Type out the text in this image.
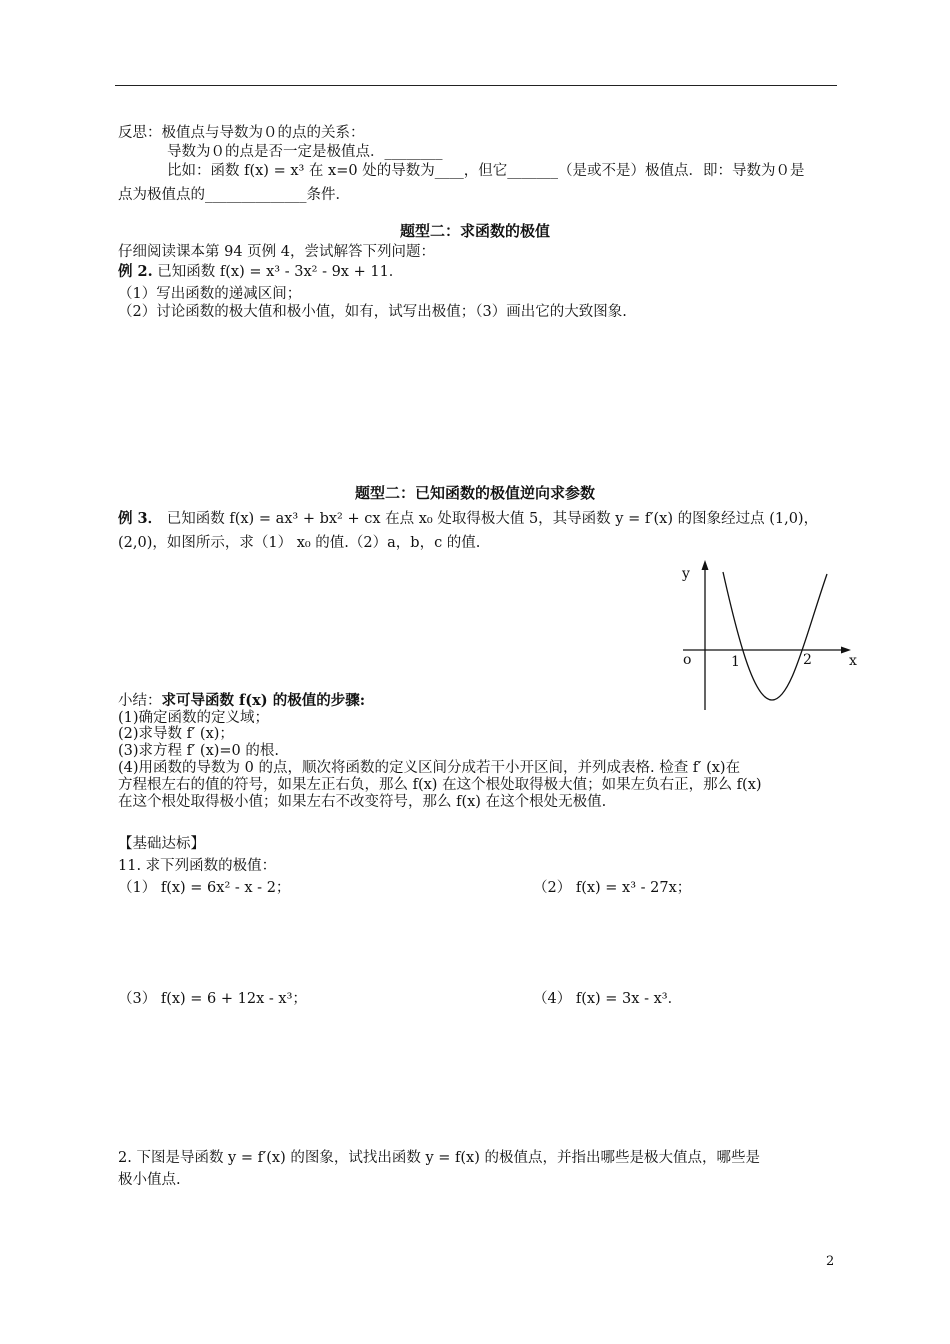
反思：极值点与导数为０的点的关系：
导数为０的点是否一定是极值点．________
比如：函数 f(x) = x³ 在 x=0 处的导数为____，但它_______（是或不是）极值点．即：导数为０是
点为极值点的______________条件．
题型二：求函数的极值
仔细阅读课本第 94 页例 4，尝试解答下列问题：
例 2. 已知函数 f(x) = x³ - 3x² - 9x + 11．
（1）写出函数的递减区间；
（2）讨论函数的极大值和极小值，如有，试写出极值；（3）画出它的大致图象.
题型二：已知函数的极值逆向求参数
例 3． 已知函数 f(x) = ax³ + bx² + cx 在点 x₀ 处取得极大值 5，其导函数 y = f′(x) 的图象经过点 (1,0)，
(2,0)，如图所示，求（1） x₀ 的值.（2）a，b，c 的值.
y
x
o	1	2
小结：求可导函数 f(x) 的极值的步骤:
(1)确定函数的定义域；
(2)求导数 f′ (x)；
(3)求方程 f′ (x)=0 的根.
(4)用函数的导数为 0 的点，顺次将函数的定义区间分成若干小开区间，并列成表格. 检查 f′ (x)在
方程根左右的值的符号，如果左正右负，那么 f(x) 在这个根处取得极大值；如果左负右正，那么 f(x)
在这个根处取得极小值；如果左右不改变符号，那么 f(x) 在这个根处无极值.
【基础达标】
11. 求下列函数的极值：
（1） f(x) = 6x² - x - 2；	（2） f(x) = x³ - 27x；
（3） f(x) = 6 + 12x - x³；	（4） f(x) = 3x - x³．
2. 下图是导函数 y = f′(x) 的图象，试找出函数 y = f(x) 的极值点，并指出哪些是极大值点，哪些是
极小值点.
2
